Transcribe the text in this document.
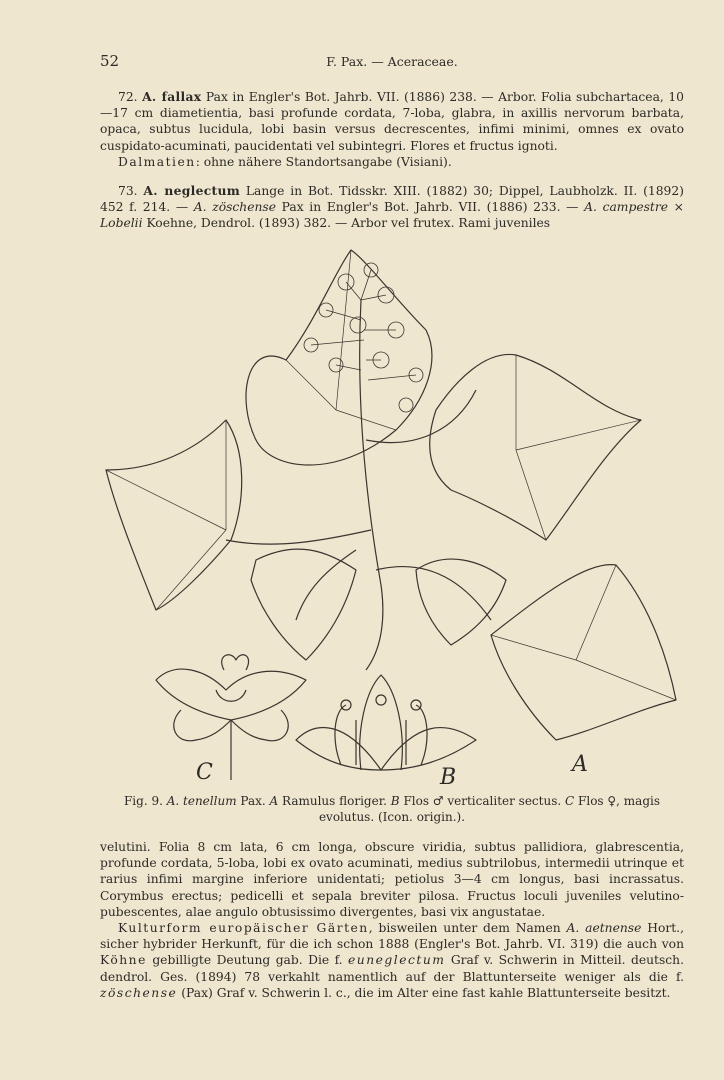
52	F. Pax. — Aceraceae.

72. A. fallax Pax in Engler's Bot. Jahrb. VII. (1886) 238. — Arbor. Folia subchartacea, 10—17 cm diametientia, basi profunde cordata, 7-loba, glabra, in axillis nervorum barbata, opaca, subtus lucidula, lobi basin versus decrescentes, infimi minimi, omnes ex ovato cuspidato-acuminati, paucidentati vel subintegri. Flores et fructus ignoti.

Dalmatien: ohne nähere Standortsangabe (Visiani).

73. A. neglectum Lange in Bot. Tidsskr. XIII. (1882) 30; Dippel, Laubholzk. II. (1892) 452 f. 214. — A. zöschense Pax in Engler's Bot. Jahrb. VII. (1886) 233. — A. campestre × Lobelii Koehne, Dendrol. (1893) 382. — Arbor vel frutex. Rami juveniles

A
B
C
Fig. 9. A. tenellum Pax. A Ramulus floriger. B Flos ♂ verticaliter sectus. C Flos ♀, magis evolutus. (Icon. origin.).

velutini. Folia 8 cm lata, 6 cm longa, obscure viridia, subtus pallidiora, glabrescentia, profunde cordata, 5-loba, lobi ex ovato acuminati, medius subtrilobus, intermedii utrinque et rarius infimi margine inferiore unidentati; petiolus 3—4 cm longus, basi incrassatus. Corymbus erectus; pedicelli et sepala breviter pilosa. Fructus loculi juveniles velutino-pubescentes, alae angulo obtusissimo divergentes, basi vix angustatae.

Kulturform europäischer Gärten, bisweilen unter dem Namen A. aetnense Hort., sicher hybrider Herkunft, für die ich schon 1888 (Engler's Bot. Jahrb. VI. 319) die auch von Köhne gebilligte Deutung gab. Die f. euneglectum Graf v. Schwerin in Mitteil. deutsch. dendrol. Ges. (1894) 78 verkahlt namentlich auf der Blattunterseite weniger als die f. zöschense (Pax) Graf v. Schwerin l. c., die im Alter eine fast kahle Blattunterseite besitzt.
